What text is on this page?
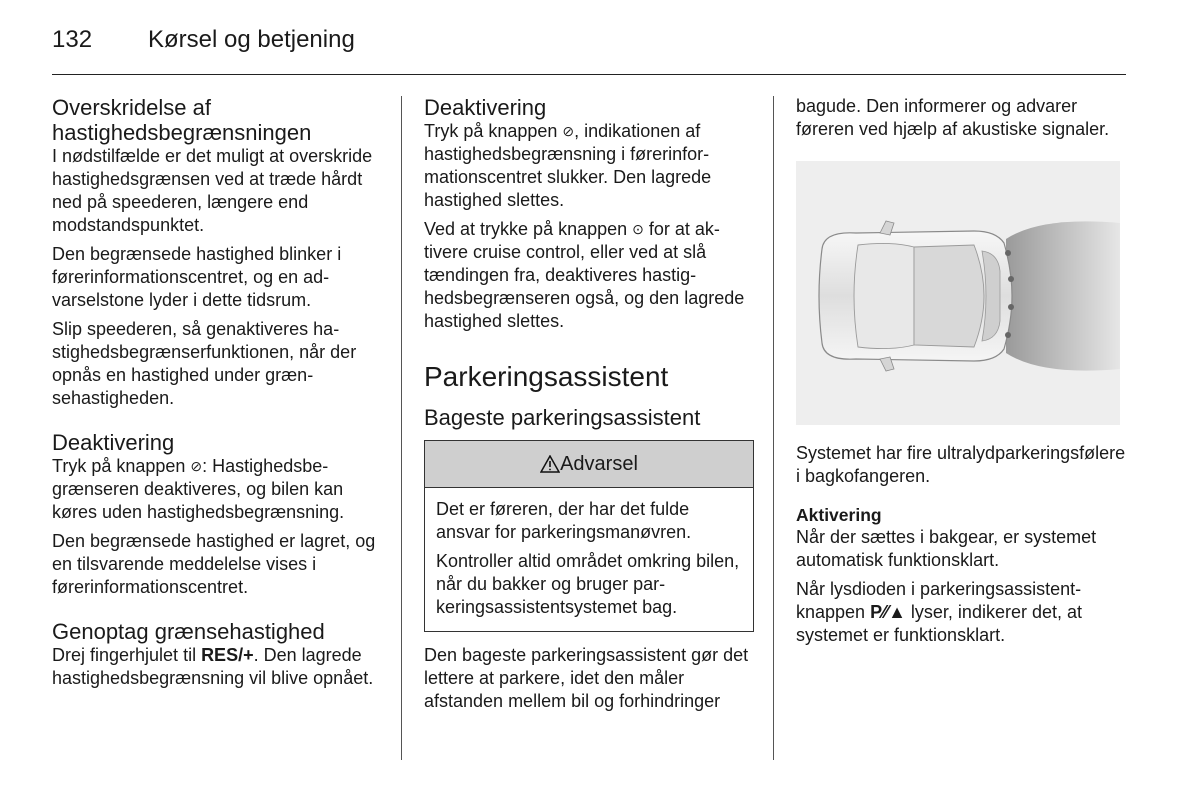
132 Kørsel og betjening
Overskridelse af hastighedsbegrænsningen

I nødstilfælde er det muligt at overskride hastighedsgrænsen ved at træde hårdt ned på speederen, længere end modstandspunktet.

Den begrænsede hastighed blinker i førerinformationscentret, og en advarselstone lyder i dette tidsrum.

Slip speederen, så genaktiveres hastighedsbegrænserfunktionen, når der opnås en hastighed under grænsehastigheden.

Deaktivering

Tryk på knappen ⊘: Hastighedsbegrænseren deaktiveres, og bilen kan køres uden hastighedsbegrænsning.

Den begrænsede hastighed er lagret, og en tilsvarende meddelelse vises i førerinformationscentret.

Genoptag grænsehastighed

Drej fingerhjulet til RES/+. Den lagrede hastighedsbegrænsning vil blive opnået.

Deaktivering

Tryk på knappen ⊘, indikationen af hastighedsbegrænsning i førerinformationscentret slukker. Den lagrede hastighed slettes.

Ved at trykke på knappen ⊙ for at aktivere cruise control, eller ved at slå tændingen fra, deaktiveres hastighedsbegrænseren også, og den lagrede hastighed slettes.

Parkeringsassistent
Bageste parkeringsassistent
Advarsel

Det er føreren, der har det fulde ansvar for parkeringsmanøvren.

Kontroller altid området omkring bilen, når du bakker og bruger parkeringsassistentsystemet bag.

Den bageste parkeringsassistent gør det lettere at parkere, idet den måler afstanden mellem bil og forhindringer

bagude. Den informerer og advarer føreren ved hjælp af akustiske signaler.

Systemet har fire ultralydparkeringsfølere i bagkofangeren.

Aktivering

Når der sættes i bakgear, er systemet automatisk funktionsklart.

Når lysdioden i parkeringsassistentknappen P⁄⁄▲ lyser, indikerer det, at systemet er funktionsklart.
